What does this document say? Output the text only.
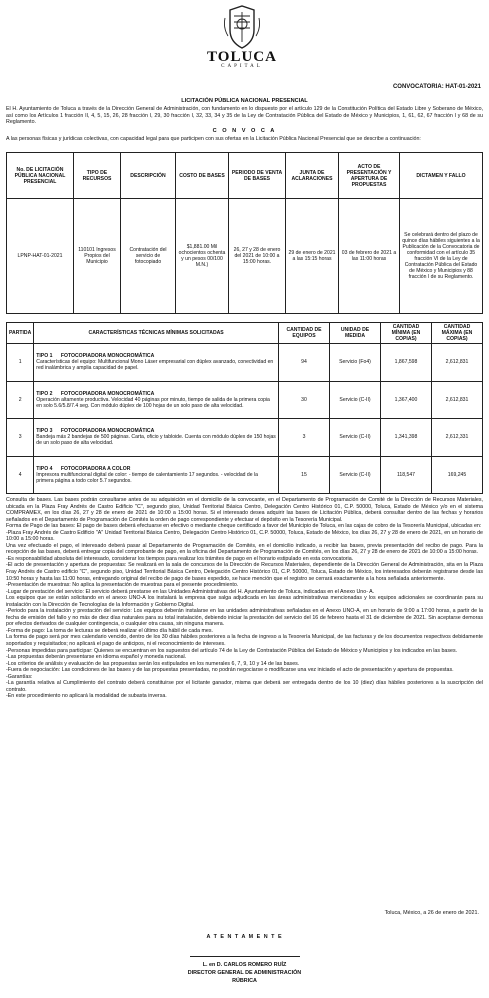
TOLUCA
CAPITAL
CONVOCATORIA: HAT-01-2021
LICITACIÓN PÚBLICA NACIONAL PRESENCIAL

El H. Ayuntamiento de Toluca a través de la Dirección General de Administración, con fundamento en lo dispuesto por el artículo 129 de la Constitución Política del Estado Libre y Soberano de México, así como los Artículos 1 fracción II, 4, 5, 15, 26, 28 fracción I, 29, 30 fracción I, 32, 33, 34 y 35 de la Ley de Contratación Pública del Estado de México y Municipios, 1, 61, 62, 67 fracción I y 68 de su Reglamento.

C O N V O C A

A las personas físicas y jurídicas colectivas, con capacidad legal para que participen con sus ofertas en la Licitación Pública Nacional Presencial que se describe a continuación:

No. DE LICITACIÓN PÚBLICA NACIONAL PRESENCIAL	TIPO DE RECURSOS	DESCRIPCIÓN	COSTO DE BASES	PERIODO DE VENTA DE BASES	JUNTA DE ACLARACIONES	ACTO DE PRESENTACIÓN Y APERTURA DE PROPUESTAS	DICTAMEN Y FALLO
LPNP-HAT-01-2021	110101 Ingresos Propios del Municipio	Contratación del servicio de fotocopiado	$1,881.00 Mil ochocientos ochenta y un pesos 00/100 M.N.)	26, 27 y 28 de enero del 2021 de 10:00 a 15:00 horas.	29 de enero de 2021 a las 15:15 horas	03 de febrero de 2021 a las 11:00 horas	Se celebrará dentro del plazo de quince días hábiles siguientes a la Publicación de la Convocatoria de conformidad con el artículo 35 fracción VI de la Ley de Contratación Pública del Estado de México y Municipios y 88 fracción I de su Reglamento.
PARTIDA	CARACTERÍSTICAS TÉCNICAS MÍNIMAS SOLICITADAS	CANTIDAD DE EQUIPOS	UNIDAD DE MEDIDA	CANTIDAD MÍNIMA (EN COPIAS)	CANTIDAD MÁXIMA (EN COPIAS)
1	TIPO 1 FOTOCOPIADORA MONOCROMÁTICA
Características del equipo: Multifuncional Mono Láser empresarial con dúplex avanzado, conectividad en red inalámbrica y amplia capacidad de papel.	94	Servicio (Fo4)	1,867,598	2,612,831
2	TIPO 2 FOTOCOPIADORA MONOCROMÁTICA
Operación altamente productiva. Velocidad 40 páginas por minuto, tiempo de salida de la primera copia en solo 5.6/5.8/7.4 seg. Con módulo dúplex de 100 hojas de un solo paso de alta velocidad.	30	Servicio (C-II)	1,367,400	2,612,831
3	TIPO 3 FOTOCOPIADORA MONOCROMÁTICA
Bandeja más 2 bandejas de 500 páginas. Carta, oficio y tabloide. Cuenta con módulo dúplex de 150 hojas de un solo paso de alta velocidad.	3	Servicio (C-II)	1,341,398	2,612,331
4	TIPO 4 FOTOCOPIADORA A COLOR
Impresora multifuncional digital de color: - tiempo de calentamiento 17 segundos. - velocidad de la primera página a todo color 5.7 segundos.	15	Servicio (C-II)	118,547	169,245

Consulta de bases. Las bases podrán consultarse antes de su adquisición en el domicilio de la convocante, en el Departamento de Programación de Comité de la Dirección de Recursos Materiales, ubicada en la Plaza Fray Andrés de Castro Edificio "C", segundo piso, Unidad Territorial Básica Centro, Delegación Centro Histórico 01, C.P. 50000, Toluca, Estado de México y/o en el sistema COMPRAMEX, en los días 26, 27 y 28 de enero de 2021 de 10:00 a 15:00 horas. Si el interesado desea adquirir las bases de Licitación Pública, deberá consultar dentro de las fechas y horarios señalados en el Departamento de Programación de Comités la orden de pago correspondiente y efectuar el depósito en la Tesorería Municipal.

Forma de Pago de las bases: El pago de bases deberá efectuarse en efectivo o mediante cheque certificado a favor del Municipio de Toluca, en las cajas de cobro de la Tesorería Municipal, ubicadas en:

-Plaza Fray Andrés de Castro Edificio "A" Unidad Territorial Básica Centro, Delegación Centro Histórico 01, C.P. 50000, Toluca, Estado de México, los días 26, 27 y 28 de enero de 2021, en un horario de 10:00 a 15:00 horas.

Una vez efectuado el pago, el interesado deberá pasar al Departamento de Programación de Comités, en el domicilio indicado, a recibir las bases, previa presentación del recibo de pago. Para la recepción de las bases, deberá entregar copia del comprobante de pago, en la oficina del Departamento de Programación de Comités, en los días 26, 27 y 28 de enero de 2021 de 10:00 a 15:00 horas.

-Es responsabilidad absoluta del interesado, considerar los tiempos para realizar los trámites de pago en el horario estipulado en esta convocatoria.

-El acto de presentación y apertura de propuestas: Se realizará en la sala de concursos de la Dirección de Recursos Materiales, dependiente de la Dirección General de Administración, sita en la Plaza Fray Andrés de Castro edificio "C", segundo piso, Unidad Territorial Básica Centro, Delegación Centro Histórico 01, C.P. 50000, Toluca, Estado de México, los interesados deberán registrarse desde las 10:50 horas y hasta las 11:00 horas, entregando original del recibo de pago de bases expedido, se hace mención que el registro se cerrará exactamente a la hora señalada anteriormente.

-Presentación de muestras: No aplica la presentación de muestras para el presente procedimiento.

-Lugar de prestación del servicio: El servicio deberá prestarse en las Unidades Administrativas del H. Ayuntamiento de Toluca, indicadas en el Anexo Uno- A.

Los equipos que se están solicitando en el anexo UNO-A los instalará la empresa que salga adjudicada en las áreas administrativas mencionadas y los equipos adicionales se coordinarán para su instalación con la Dirección de Tecnologías de la Información y Gobierno Digital.

-Periodo para la instalación y prestación del servicio: Los equipos deberán instalarse en las unidades administrativas señaladas en el Anexo UNO-A, en un horario de 9:00 a 17:00 horas, a partir de la fecha de emisión del fallo y no más de diez días naturales para su total instalación, debiendo iniciar la prestación del servicio del 16 de febrero hasta el 31 de diciembre de 2021. Sin aceptarse demoras por efectos derivados de cualquier contingencia, o cualquier otra causa, sin ninguna manera.

-Forma de pago: La toma de lecturas se deberá realizar el último día hábil de cada mes.

La forma de pago será por mes calendario vencido, dentro de los 30 días hábiles posteriores a la fecha de ingreso a la Tesorería Municipal, de las facturas y de los documentos respectivos debidamente soportados y requisitados; no aplicará el pago de anticipos, ni el reconocimiento de intereses.

-Personas impedidas para participar: Quienes se encuentran en los supuestos del artículo 74 de la Ley de Contratación Pública del Estado de México y Municipios y los indicados en las bases.

-Las propuestas deberán presentarse en idioma español y moneda nacional.

-Los criterios de análisis y evaluación de las propuestas serán los estipulados en los numerales 6, 7, 9, 10 y 14 de las bases.

-Fuera de negociación: Las condiciones de las bases y de las propuestas presentadas, no podrán negociarse o modificarse una vez iniciado el acto de presentación y apertura de propuestas.

-Garantías:

-La garantía relativa al Cumplimiento del contrato deberá constituirse por el licitante ganador, misma que deberá ser entregada dentro de los 10 (diez) días hábiles posteriores a la suscripción del contrato.

-En este procedimiento no aplicará la modalidad de subasta inversa.

Toluca, México, a 26 de enero de 2021.
A T E N T A M E N T E
L. en D. CARLOS ROMERO RUÍZ
DIRECTOR GENERAL DE ADMINISTRACIÓN
RÚBRICA
